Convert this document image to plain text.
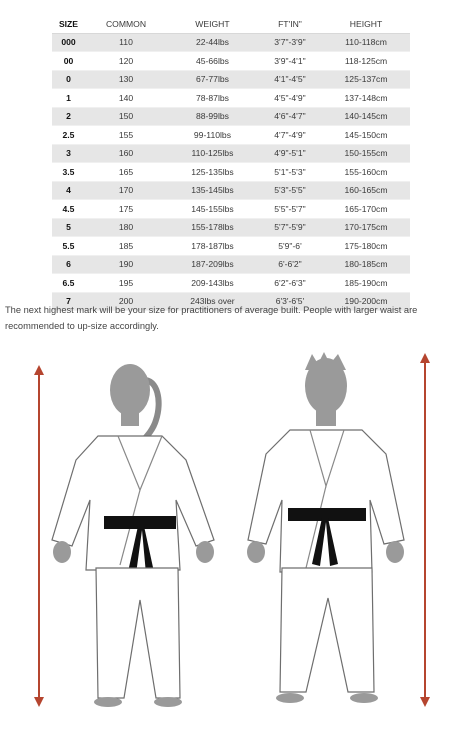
SIZE	COMMON	WEIGHT	FT'IN"	HEIGHT
000	110	22-44lbs	3'7"-3'9"	110-118cm
00	120	45-66lbs	3'9"-4'1"	118-125cm
0	130	67-77lbs	4'1"-4'5"	125-137cm
1	140	78-87lbs	4'5"-4'9"	137-148cm
2	150	88-99lbs	4'6"-4'7"	140-145cm
2.5	155	99-110lbs	4'7"-4'9"	145-150cm
3	160	110-125lbs	4'9"-5'1"	150-155cm
3.5	165	125-135lbs	5'1"-5'3"	155-160cm
4	170	135-145lbs	5'3"-5'5"	160-165cm
4.5	175	145-155lbs	5'5"-5'7"	165-170cm
5	180	155-178lbs	5'7"-5'9"	170-175cm
5.5	185	178-187lbs	5'9"-6'	175-180cm
6	190	187-209lbs	6'-6'2"	180-185cm
6.5	195	209-143lbs	6'2"-6'3"	185-190cm
7	200	243lbs over	6'3'-6'5'	190-200cm
The next highest mark will be your size for practitioners of average built. People with larger waist are recommended to up-size accordingly.
